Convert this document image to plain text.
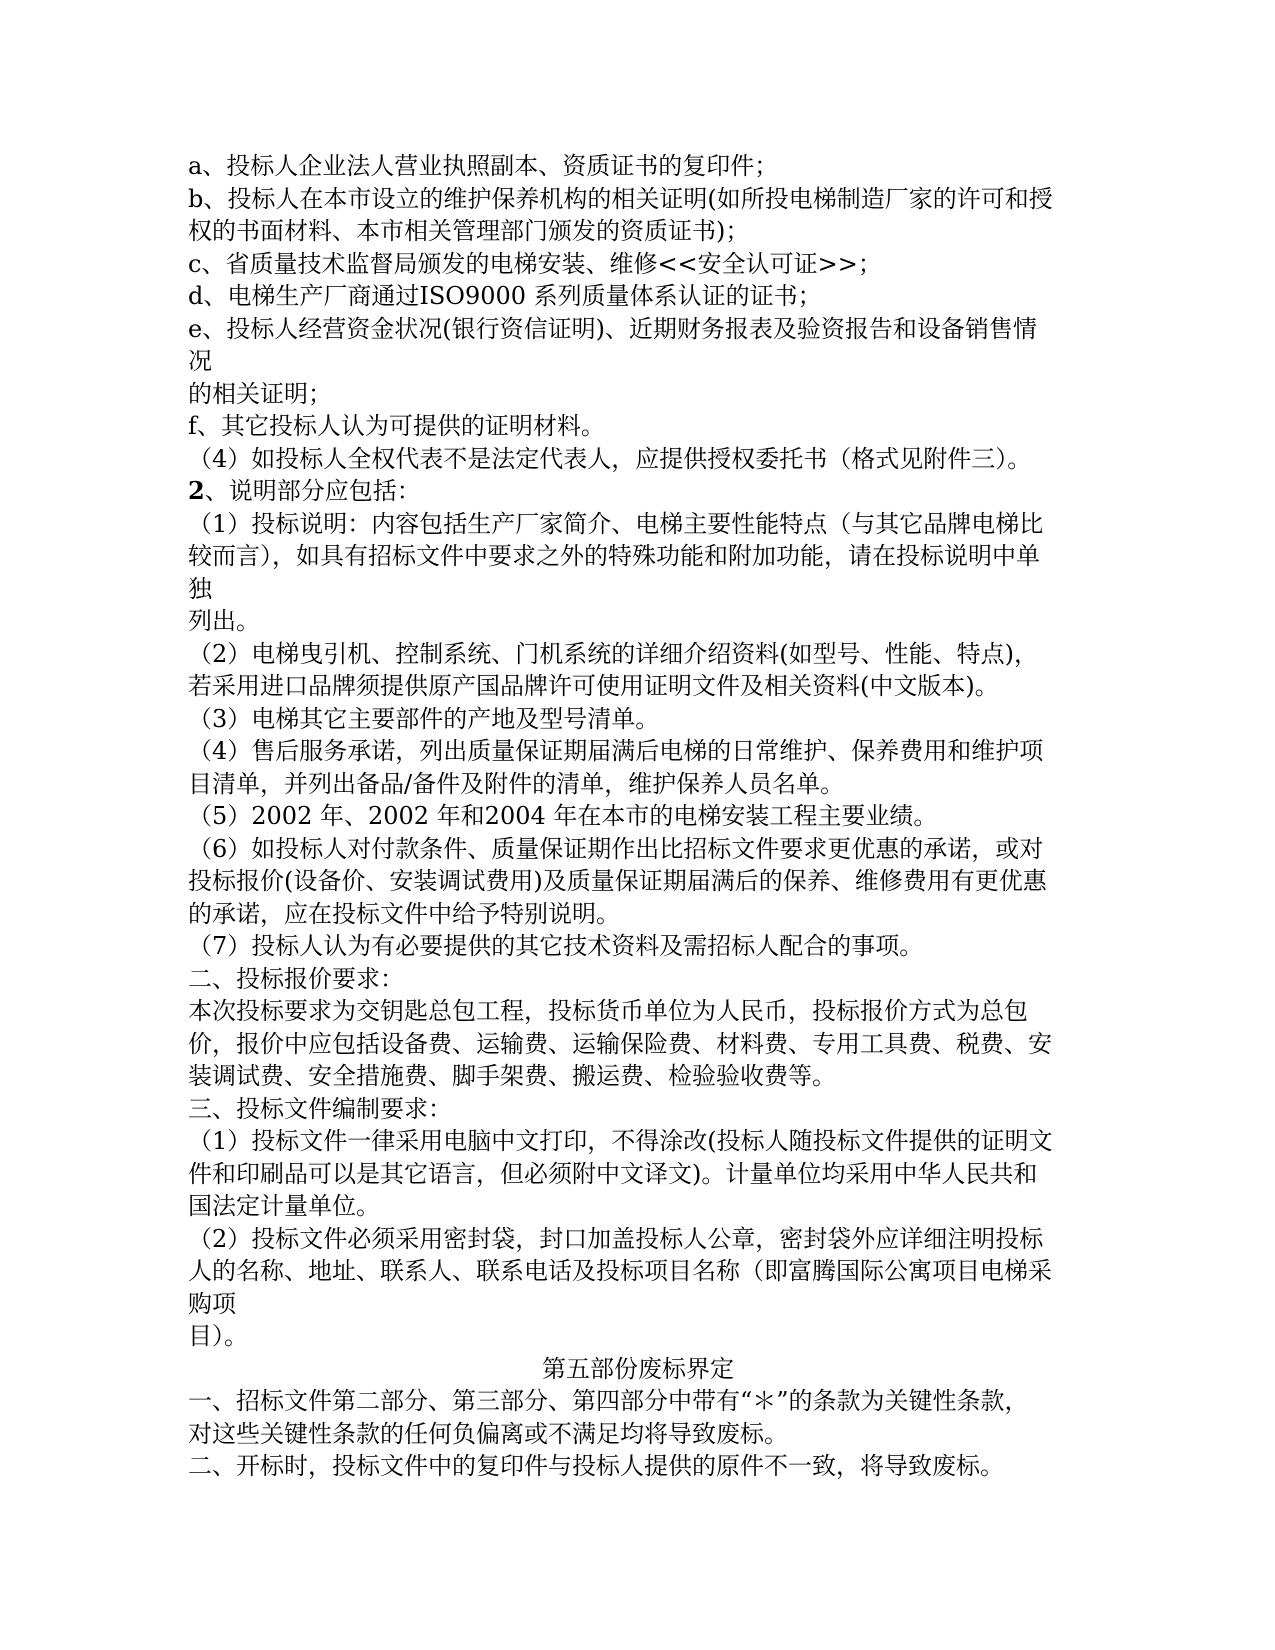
a、投标人企业法人营业执照副本、资质证书的复印件；
b、投标人在本市设立的维护保养机构的相关证明(如所投电梯制造厂家的许可和授
权的书面材料、本市相关管理部门颁发的资质证书)；
c、省质量技术监督局颁发的电梯安装、维修<<安全认可证>>；
d、电梯生产厂商通过ISO9000 系列质量体系认证的证书；
e、投标人经营资金状况(银行资信证明)、近期财务报表及验资报告和设备销售情
况
的相关证明；
f、其它投标人认为可提供的证明材料。
（4）如投标人全权代表不是法定代表人，应提供授权委托书（格式见附件三）。
2、说明部分应包括：
（1）投标说明：内容包括生产厂家简介、电梯主要性能特点（与其它品牌电梯比
较而言），如具有招标文件中要求之外的特殊功能和附加功能，请在投标说明中单
独
列出。
（2）电梯曳引机、控制系统、门机系统的详细介绍资料(如型号、性能、特点)，
若采用进口品牌须提供原产国品牌许可使用证明文件及相关资料(中文版本)。
（3）电梯其它主要部件的产地及型号清单。
（4）售后服务承诺，列出质量保证期届满后电梯的日常维护、保养费用和维护项
目清单，并列出备品/备件及附件的清单，维护保养人员名单。
（5）2002 年、2002 年和2004 年在本市的电梯安装工程主要业绩。
（6）如投标人对付款条件、质量保证期作出比招标文件要求更优惠的承诺，或对
投标报价(设备价、安装调试费用)及质量保证期届满后的保养、维修费用有更优惠
的承诺，应在投标文件中给予特别说明。
（7）投标人认为有必要提供的其它技术资料及需招标人配合的事项。
二、投标报价要求：
本次投标要求为交钥匙总包工程，投标货币单位为人民币，投标报价方式为总包
价，报价中应包括设备费、运输费、运输保险费、材料费、专用工具费、税费、安
装调试费、安全措施费、脚手架费、搬运费、检验验收费等。
三、投标文件编制要求：
（1）投标文件一律采用电脑中文打印，不得涂改(投标人随投标文件提供的证明文
件和印刷品可以是其它语言，但必须附中文译文)。计量单位均采用中华人民共和
国法定计量单位。
（2）投标文件必须采用密封袋，封口加盖投标人公章，密封袋外应详细注明投标
人的名称、地址、联系人、联系电话及投标项目名称（即富腾国际公寓项目电梯采
购项
目）。
第五部份废标界定
一、招标文件第二部分、第三部分、第四部分中带有“＊”的条款为关键性条款，
对这些关键性条款的任何负偏离或不满足均将导致废标。
二、开标时，投标文件中的复印件与投标人提供的原件不一致，将导致废标。
